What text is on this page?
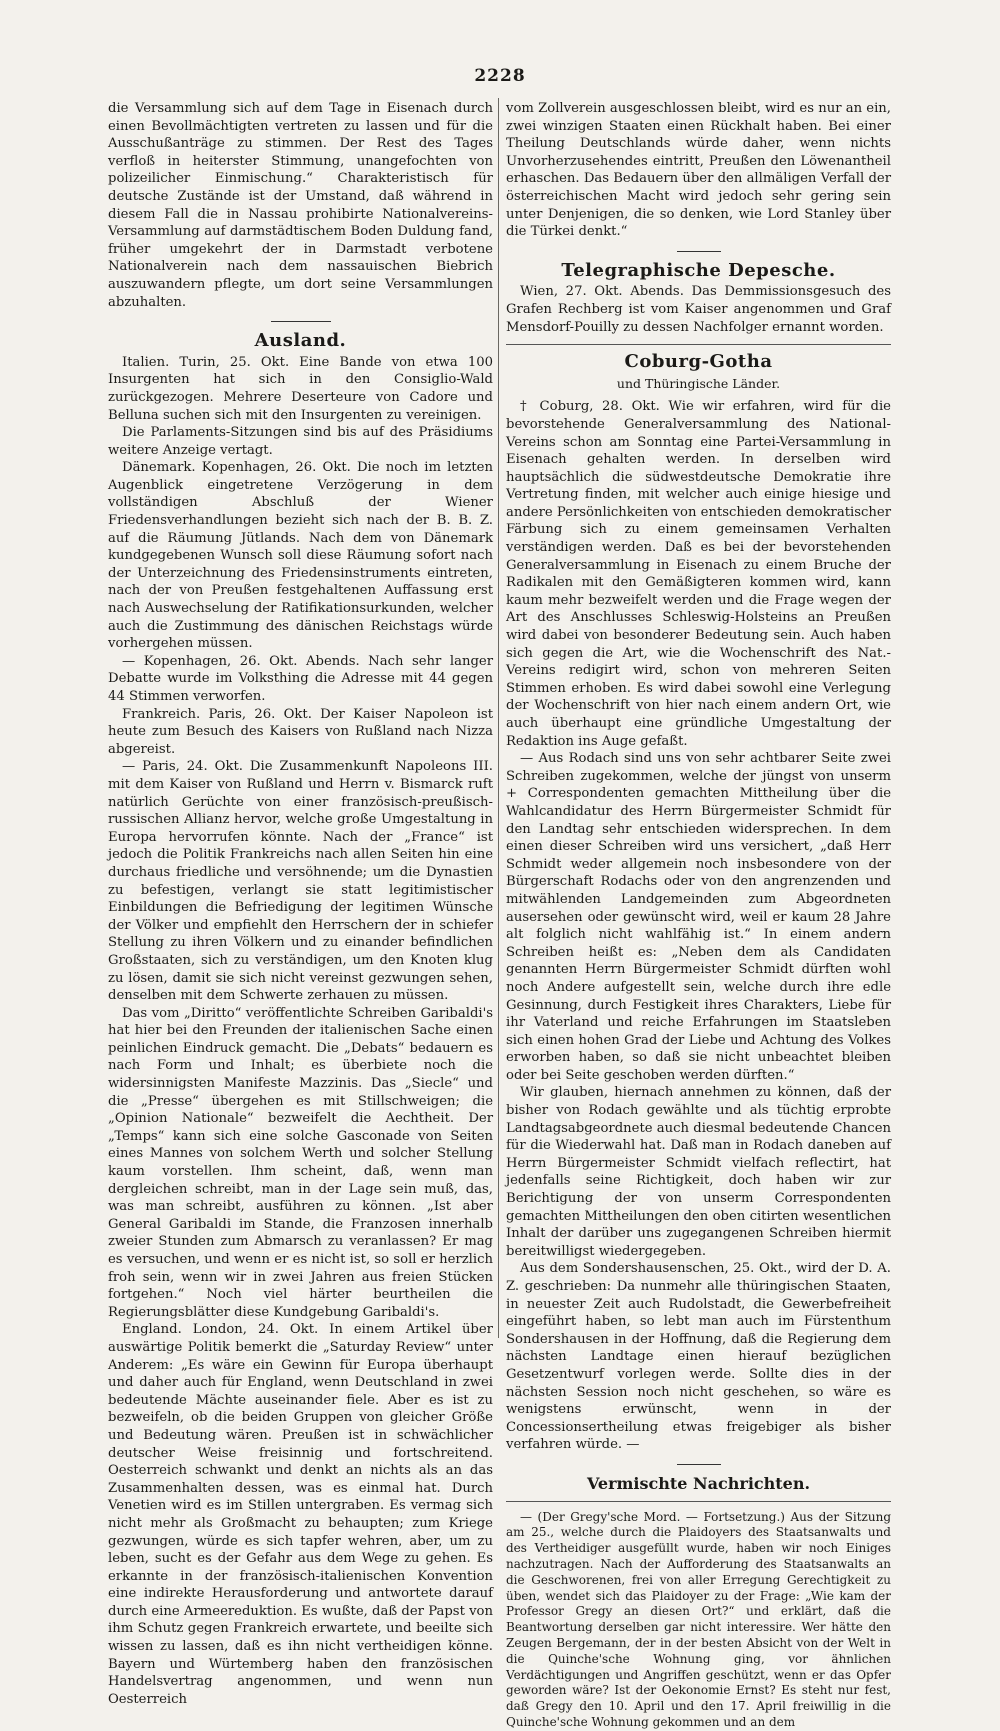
2228

die Versammlung sich auf dem Tage in Eisenach durch einen Bevollmächtigten vertreten zu lassen und für die Ausschußanträge zu stimmen. Der Rest des Tages verfloß in heiterster Stimmung, unangefochten von polizeilicher Einmischung.“ Charakteristisch für deutsche Zustände ist der Umstand, daß während in diesem Fall die in Nassau prohibirte Nationalvereins-Versammlung auf darmstädtischem Boden Duldung fand, früher umgekehrt der in Darmstadt verbotene Nationalverein nach dem nassauischen Biebrich auszuwandern pflegte, um dort seine Versammlungen abzuhalten.

Ausland.

Italien. Turin, 25. Okt. Eine Bande von etwa 100 Insurgenten hat sich in den Consiglio-Wald zurückgezogen. Mehrere Deserteure von Cadore und Belluna suchen sich mit den Insurgenten zu vereinigen.

Die Parlaments-Sitzungen sind bis auf des Präsidiums weitere Anzeige vertagt.

Dänemark. Kopenhagen, 26. Okt. Die noch im letzten Augenblick eingetretene Verzögerung in dem vollständigen Abschluß der Wiener Friedensverhandlungen bezieht sich nach der B. B. Z. auf die Räumung Jütlands. Nach dem von Dänemark kundgegebenen Wunsch soll diese Räumung sofort nach der Unterzeichnung des Friedensinstruments eintreten, nach der von Preußen festgehaltenen Auffassung erst nach Auswechselung der Ratifikationsurkunden, welcher auch die Zustimmung des dänischen Reichstags würde vorhergehen müssen.

— Kopenhagen, 26. Okt. Abends. Nach sehr langer Debatte wurde im Volksthing die Adresse mit 44 gegen 44 Stimmen verworfen.

Frankreich. Paris, 26. Okt. Der Kaiser Napoleon ist heute zum Besuch des Kaisers von Rußland nach Nizza abgereist.

— Paris, 24. Okt. Die Zusammenkunft Napoleons III. mit dem Kaiser von Rußland und Herrn v. Bismarck ruft natürlich Gerüchte von einer französisch-preußisch-russischen Allianz hervor, welche große Umgestaltung in Europa hervorrufen könnte. Nach der „France“ ist jedoch die Politik Frankreichs nach allen Seiten hin eine durchaus friedliche und versöhnende; um die Dynastien zu befestigen, verlangt sie statt legitimistischer Einbildungen die Befriedigung der legitimen Wünsche der Völker und empfiehlt den Herrschern der in schiefer Stellung zu ihren Völkern und zu einander befindlichen Großstaaten, sich zu verständigen, um den Knoten klug zu lösen, damit sie sich nicht vereinst gezwungen sehen, denselben mit dem Schwerte zerhauen zu müssen.

Das vom „Diritto“ veröffentlichte Schreiben Garibaldi's hat hier bei den Freunden der italienischen Sache einen peinlichen Eindruck gemacht. Die „Debats“ bedauern es nach Form und Inhalt; es überbiete noch die widersinnigsten Manifeste Mazzinis. Das „Siecle“ und die „Presse“ übergehen es mit Stillschweigen; die „Opinion Nationale“ bezweifelt die Aechtheit. Der „Temps“ kann sich eine solche Gasconade von Seiten eines Mannes von solchem Werth und solcher Stellung kaum vorstellen. Ihm scheint, daß, wenn man dergleichen schreibt, man in der Lage sein muß, das, was man schreibt, ausführen zu können. „Ist aber General Garibaldi im Stande, die Franzosen innerhalb zweier Stunden zum Abmarsch zu veranlassen? Er mag es versuchen, und wenn er es nicht ist, so soll er herzlich froh sein, wenn wir in zwei Jahren aus freien Stücken fortgehen.“ Noch viel härter beurtheilen die Regierungsblätter diese Kundgebung Garibaldi's.

England. London, 24. Okt. In einem Artikel über auswärtige Politik bemerkt die „Saturday Review“ unter Anderem: „Es wäre ein Gewinn für Europa überhaupt und daher auch für England, wenn Deutschland in zwei bedeutende Mächte auseinander fiele. Aber es ist zu bezweifeln, ob die beiden Gruppen von gleicher Größe und Bedeutung wären. Preußen ist in schwächlicher deutscher Weise freisinnig und fortschreitend. Oesterreich schwankt und denkt an nichts als an das Zusammenhalten dessen, was es einmal hat. Durch Venetien wird es im Stillen untergraben. Es vermag sich nicht mehr als Großmacht zu behaupten; zum Kriege gezwungen, würde es sich tapfer wehren, aber, um zu leben, sucht es der Gefahr aus dem Wege zu gehen. Es erkannte in der französisch-italienischen Konvention eine indirekte Herausforderung und antwortete darauf durch eine Armeereduktion. Es wußte, daß der Papst von ihm Schutz gegen Frankreich erwartete, und beeilte sich wissen zu lassen, daß es ihn nicht vertheidigen könne. Bayern und Würtemberg haben den französischen Handelsvertrag angenommen, und wenn nun Oesterreich

vom Zollverein ausgeschlossen bleibt, wird es nur an ein, zwei winzigen Staaten einen Rückhalt haben. Bei einer Theilung Deutschlands würde daher, wenn nichts Unvorherzusehendes eintritt, Preußen den Löwenantheil erhaschen. Das Bedauern über den allmäligen Verfall der österreichischen Macht wird jedoch sehr gering sein unter Denjenigen, die so denken, wie Lord Stanley über die Türkei denkt.“

Telegraphische Depesche.

Wien, 27. Okt. Abends. Das Demmissionsgesuch des Grafen Rechberg ist vom Kaiser angenommen und Graf Mensdorf-Pouilly zu dessen Nachfolger ernannt worden.

Coburg-Gotha
und Thüringische Länder.

† Coburg, 28. Okt. Wie wir erfahren, wird für die bevorstehende Generalversammlung des National-Vereins schon am Sonntag eine Partei-Versammlung in Eisenach gehalten werden. In derselben wird hauptsächlich die südwestdeutsche Demokratie ihre Vertretung finden, mit welcher auch einige hiesige und andere Persönlichkeiten von entschieden demokratischer Färbung sich zu einem gemeinsamen Verhalten verständigen werden. Daß es bei der bevorstehenden Generalversammlung in Eisenach zu einem Bruche der Radikalen mit den Gemäßigteren kommen wird, kann kaum mehr bezweifelt werden und die Frage wegen der Art des Anschlusses Schleswig-Holsteins an Preußen wird dabei von besonderer Bedeutung sein. Auch haben sich gegen die Art, wie die Wochenschrift des Nat.-Vereins redigirt wird, schon von mehreren Seiten Stimmen erhoben. Es wird dabei sowohl eine Verlegung der Wochenschrift von hier nach einem andern Ort, wie auch überhaupt eine gründliche Umgestaltung der Redaktion ins Auge gefaßt.

— Aus Rodach sind uns von sehr achtbarer Seite zwei Schreiben zugekommen, welche der jüngst von unserm + Correspondenten gemachten Mittheilung über die Wahlcandidatur des Herrn Bürgermeister Schmidt für den Landtag sehr entschieden widersprechen. In dem einen dieser Schreiben wird uns versichert, „daß Herr Schmidt weder allgemein noch insbesondere von der Bürgerschaft Rodachs oder von den angrenzenden und mitwählenden Landgemeinden zum Abgeordneten ausersehen oder gewünscht wird, weil er kaum 28 Jahre alt folglich nicht wahlfähig ist.“ In einem andern Schreiben heißt es: „Neben dem als Candidaten genannten Herrn Bürgermeister Schmidt dürften wohl noch Andere aufgestellt sein, welche durch ihre edle Gesinnung, durch Festigkeit ihres Charakters, Liebe für ihr Vaterland und reiche Erfahrungen im Staatsleben sich einen hohen Grad der Liebe und Achtung des Volkes erworben haben, so daß sie nicht unbeachtet bleiben oder bei Seite geschoben werden dürften.“

Wir glauben, hiernach annehmen zu können, daß der bisher von Rodach gewählte und als tüchtig erprobte Landtagsabgeordnete auch diesmal bedeutende Chancen für die Wiederwahl hat. Daß man in Rodach daneben auf Herrn Bürgermeister Schmidt vielfach reflectirt, hat jedenfalls seine Richtigkeit, doch haben wir zur Berichtigung der von unserm Correspondenten gemachten Mittheilungen den oben citirten wesentlichen Inhalt der darüber uns zugegangenen Schreiben hiermit bereitwilligst wiedergegeben.

Aus dem Sondershausenschen, 25. Okt., wird der D. A. Z. geschrieben: Da nunmehr alle thüringischen Staaten, in neuester Zeit auch Rudolstadt, die Gewerbefreiheit eingeführt haben, so lebt man auch im Fürstenthum Sondershausen in der Hoffnung, daß die Regierung dem nächsten Landtage einen hierauf bezüglichen Gesetzentwurf vorlegen werde. Sollte dies in der nächsten Session noch nicht geschehen, so wäre es wenigstens erwünscht, wenn in der Concessionsertheilung etwas freigebiger als bisher verfahren würde. —

Vermischte Nachrichten.

— (Der Gregy'sche Mord. — Fortsetzung.) Aus der Sitzung am 25., welche durch die Plaidoyers des Staatsanwalts und des Vertheidiger ausgefüllt wurde, haben wir noch Einiges nachzutragen. Nach der Aufforderung des Staatsanwalts an die Geschworenen, frei von aller Erregung Gerechtigkeit zu üben, wendet sich das Plaidoyer zu der Frage: „Wie kam der Professor Gregy an diesen Ort?“ und erklärt, daß die Beantwortung derselben gar nicht interessire. Wer hätte den Zeugen Bergemann, der in der besten Absicht von der Welt in die Quinche'sche Wohnung ging, vor ähnlichen Verdächtigungen und Angriffen geschützt, wenn er das Opfer geworden wäre? Ist der Oekonomie Ernst? Es steht nur fest, daß Gregy den 10. April und den 17. April freiwillig in die Quinche'sche Wohnung gekommen und an dem
